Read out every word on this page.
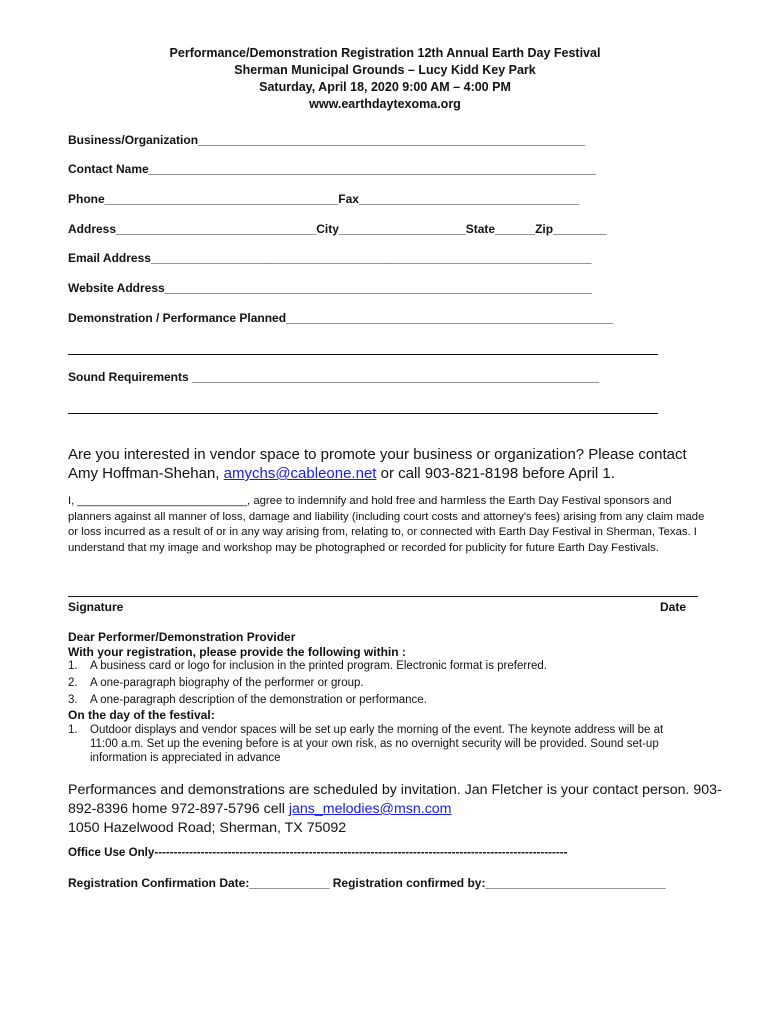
Performance/Demonstration Registration 12th Annual Earth Day Festival
Sherman Municipal Grounds – Lucy Kidd Key Park
Saturday, April 18, 2020 9:00 AM – 4:00 PM
www.earthdaytexoma.org
Business/Organization__________________________________________________________
Contact Name___________________________________________________________________
Phone___________________________________Fax_________________________________
Address______________________________City___________________State______Zip________
Email Address__________________________________________________________________
Website Address________________________________________________________________
Demonstration / Performance Planned_________________________________________________
Sound Requirements _____________________________________________________________
Are you interested in vendor space to promote your business or organization? Please contact
Amy Hoffman-Shehan, amychs@cableone.net or call 903-821-8198 before April 1.
I, ___________________________, agree to indemnify and hold free and harmless the Earth Day Festival sponsors and planners against all manner of loss, damage and liability (including court costs and attorney's fees) arising from any claim made or loss incurred as a result of or in any way arising from, relating to, or connected with Earth Day Festival in Sherman, Texas. I understand that my image and workshop may be photographed or recorded for publicity for future Earth Day Festivals.
Signature	Date
Dear Performer/Demonstration Provider
With your registration, please provide the following within :
1. A business card or logo for inclusion in the printed program. Electronic format is preferred.
2. A one-paragraph biography of the performer or group.
3. A one-paragraph description of the demonstration or performance.
On the day of the festival:
1. Outdoor displays and vendor spaces will be set up early the morning of the event. The keynote address will be at
11:00 a.m. Set up the evening before is at your own risk, as no overnight security will be provided. Sound set-up
information is appreciated in advance
Performances and demonstrations are scheduled by invitation. Jan Fletcher is your contact person. 903-
892-8396 home 972-897-5796 cell jans_melodies@msn.com
1050 Hazelwood Road; Sherman, TX 75092
Office Use Only-----------------------------------------------------------------------------------------------------------
Registration Confirmation Date:____________ Registration confirmed by:___________________________
